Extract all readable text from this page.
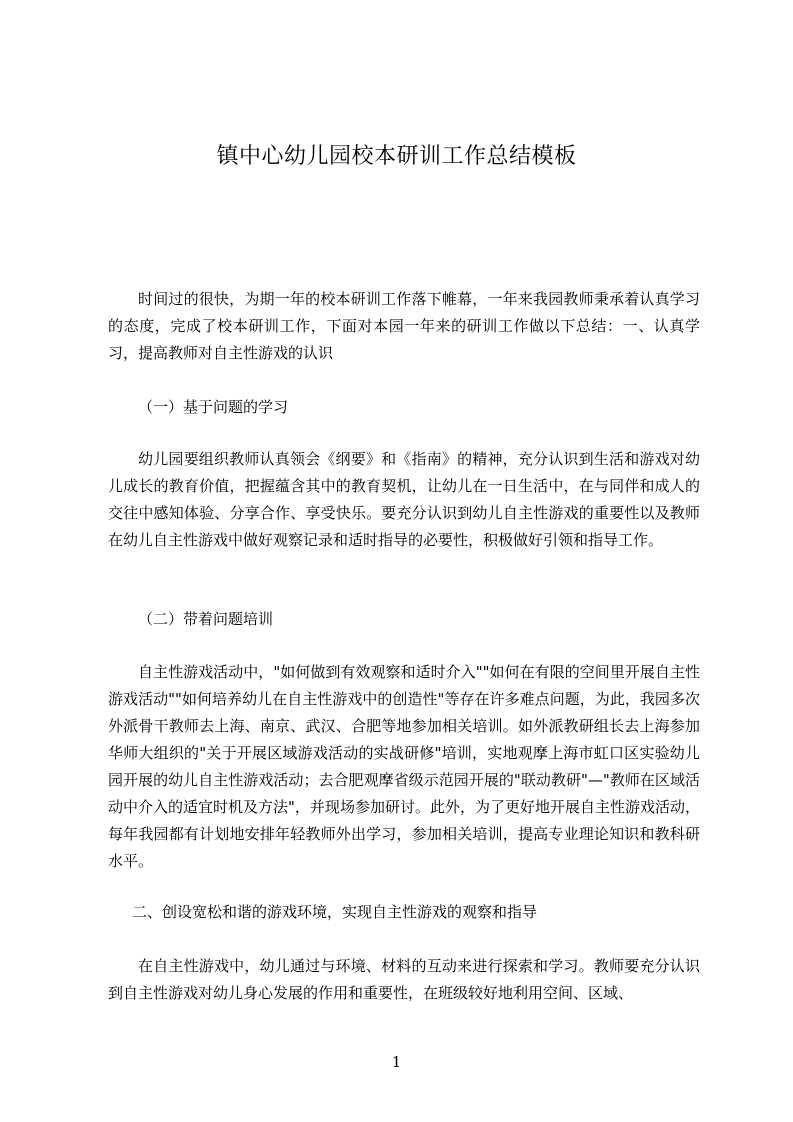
镇中心幼儿园校本研训工作总结模板

时间过的很快，为期一年的校本研训工作落下帷幕，一年来我园教师秉承着认真学习的态度，完成了校本研训工作，下面对本园一年来的研训工作做以下总结：一、认真学习，提高教师对自主性游戏的认识

（一）基于问题的学习

幼儿园要组织教师认真领会《纲要》和《指南》的精神，充分认识到生活和游戏对幼儿成长的教育价值，把握蕴含其中的教育契机，让幼儿在一日生活中，在与同伴和成人的交往中感知体验、分享合作、享受快乐。要充分认识到幼儿自主性游戏的重要性以及教师在幼儿自主性游戏中做好观察记录和适时指导的必要性，积极做好引领和指导工作。

（二）带着问题培训

自主性游戏活动中，"如何做到有效观察和适时介入""如何在有限的空间里开展自主性游戏活动""如何培养幼儿在自主性游戏中的创造性"等存在许多难点问题，为此，我园多次外派骨干教师去上海、南京、武汉、合肥等地参加相关培训。如外派教研组长去上海参加华师大组织的"关于开展区域游戏活动的实战研修"培训，实地观摩上海市虹口区实验幼儿园开展的幼儿自主性游戏活动；去合肥观摩省级示范园开展的"联动教研"—"教师在区域活动中介入的适宜时机及方法"，并现场参加研讨。此外，为了更好地开展自主性游戏活动，每年我园都有计划地安排年轻教师外出学习，参加相关培训，提高专业理论知识和教科研水平。

二、创设宽松和谐的游戏环境，实现自主性游戏的观察和指导

在自主性游戏中，幼儿通过与环境、材料的互动来进行探索和学习。教师要充分认识到自主性游戏对幼儿身心发展的作用和重要性，在班级较好地利用空间、区域、

1
